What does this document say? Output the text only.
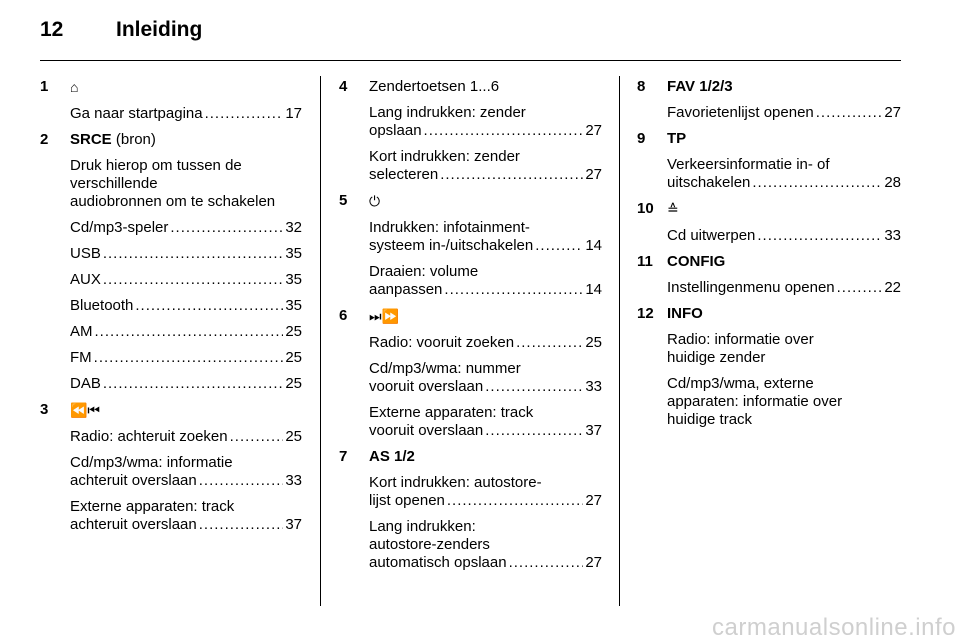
12	Inleiding
1 ⌂
Ga naar startpagina .....	17
2 SRCE (bron)
Druk hierop om tussen de
verschillende
audiobronnen om te schakelen
Cd/mp3-speler .....	32
USB .....	35
AUX .....	35
Bluetooth .....	35
AM .....	25
FM .....	25
DAB .....	25
3 ⏪⏮
Radio: achteruit zoeken .....	25
Cd/mp3/wma: informatie
achteruit overslaan .....	33
Externe apparaten: track
achteruit overslaan .....	37
4 Zendertoetsen 1...6
Lang indrukken: zender
opslaan .....	27
Kort indrukken: zender
selecteren .....	27
5 ⏻
Indrukken: infotainment-
systeem in-/uitschakelen .....	14
Draaien: volume
aanpassen .....	14
6 ⏭⏩
Radio: vooruit zoeken .....	25
Cd/mp3/wma: nummer
vooruit overslaan .....	33
Externe apparaten: track
vooruit overslaan .....	37
7 AS 1/2
Kort indrukken: autostore-
lijst openen .....	27
Lang indrukken:
autostore-zenders
automatisch opslaan .....	27
8 FAV 1/2/3
Favorietenlijst openen .....	27
9 TP
Verkeersinformatie in- of
uitschakelen .....	28
10 ≙
Cd uitwerpen .....	33
11 CONFIG
Instellingenmenu openen .....	22
12 INFO
Radio: informatie over
huidige zender
Cd/mp3/wma, externe
apparaten: informatie over
huidige track
carmanualsonline.info
